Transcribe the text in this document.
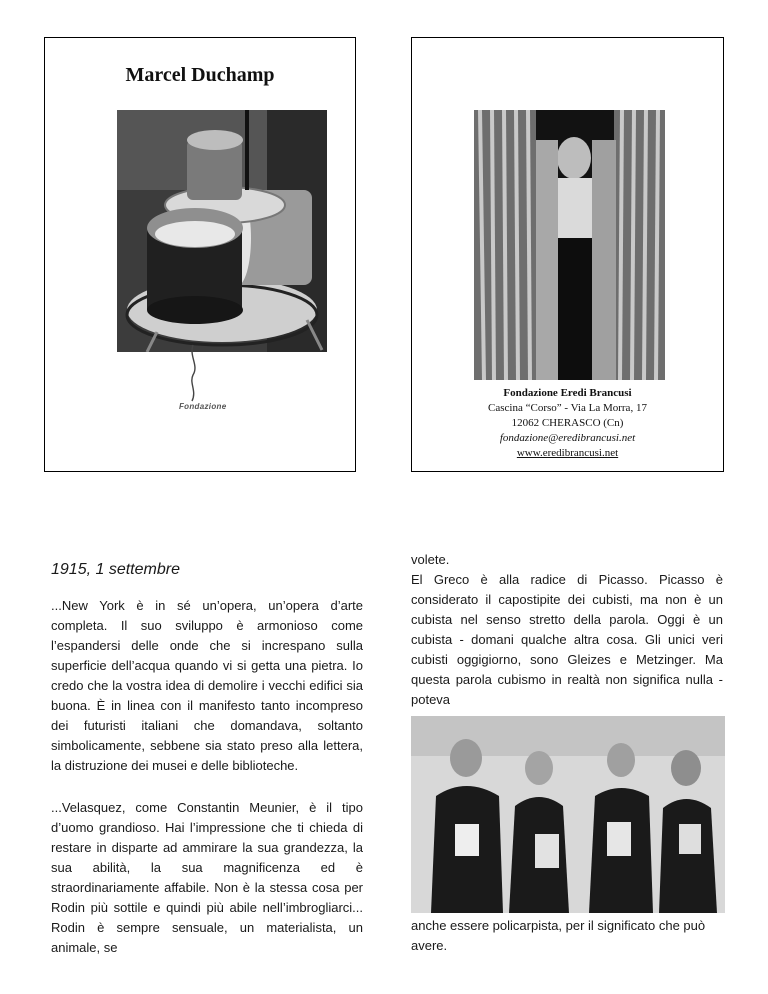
Marcel Duchamp
Fondazione
Fondazione Eredi Brancusi
Cascina “Corso” - Via La Morra, 17
12062 CHERASCO (Cn)
fondazione@eredibrancusi.net
www.eredibrancusi.net
1915, 1 settembre

...New York è in sé un’opera, un’opera d’arte completa. Il suo sviluppo è armonioso come l’espandersi delle onde che si increspano sulla superficie dell’acqua quando vi si getta una pietra. Io credo che la vostra idea di demolire i vecchi edifici sia buona. È in linea con il manifesto tanto incompreso dei futuristi italiani che domandava, soltanto simbolicamente, sebbene sia stato preso alla lettera, la distruzione dei musei e delle biblioteche.

...Velasquez, come Constantin Meunier, è il tipo d’uomo grandioso. Hai l’impressione che ti chieda di restare in disparte ad ammirare la sua grandezza, la sua abilità, la sua magnificenza ed è straordinariamente affabile. Non è la stessa cosa per Rodin più sottile e quindi più abile nell’imbrogliarci... Rodin è sempre sensuale, un materialista, un animale, se

volete.
El Greco è alla radice di Picasso. Picasso è considerato il capostipite dei cubisti, ma non è un cubista nel senso stretto della parola. Oggi è un cubista - domani qualche altra cosa. Gli unici veri cubisti oggigiorno, sono Gleizes e Metzinger. Ma questa parola cubismo in realtà non significa nulla - poteva

anche essere policarpista, per il significato che può avere.
